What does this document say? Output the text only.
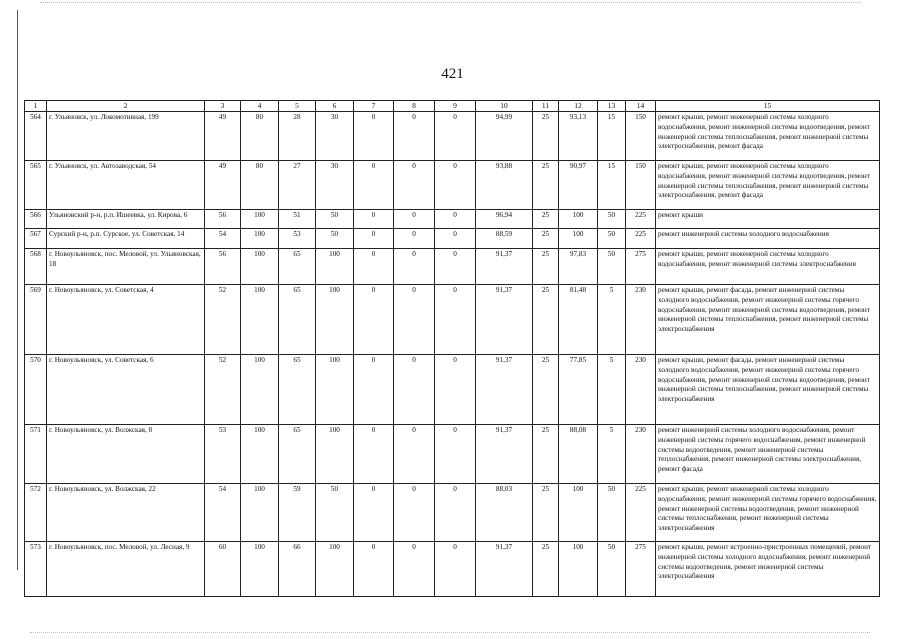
421
1	2	3	4	5	6	7	8	9	10	11	12	13	14	15
564	г. Ульяновск, ул. Локомотивная, 199	49	80	28	30	0	0	0	94,99	25	93,13	15	150	ремонт крыши, ремонт инженерной системы холодного водоснабжения, ремонт инженерной системы водоотведения, ремонт инженерной системы теплоснабжения, ремонт инженерной системы электроснабжения, ремонт фасада
565	г. Ульяновск, ул. Автозаводская, 54	49	80	27	30	0	0	0	93,88	25	90,97	15	150	ремонт крыши, ремонт инженерной системы холодного водоснабжения, ремонт инженерной системы водоотведения, ремонт инженерной системы теплоснабжения, ремонт инженерной системы электроснабжения, ремонт фасада
566	Ульяновский р-н, р.п. Ишеевка, ул. Кирова, 6	56	100	51	50	0	0	0	96,94	25	100	50	225	ремонт крыши
567	Сурский р-н, р.п. Сурское, ул. Советская, 14	54	100	53	50	0	0	0	88,59	25	100	50	225	ремонт инженерной системы холодного водоснабжения
568	г. Новоульяновск, пос. Меловой, ул. Ульяновская, 18	56	100	65	100	0	0	0	91,37	25	97,83	50	275	ремонт крыши, ремонт инженерной системы холодного водоснабжения, ремонт инженерной системы электроснабжения
569	г. Новоульяновск, ул. Советская, 4	52	100	65	100	0	0	0	91,37	25	81,48	5	230	ремонт крыши, ремонт фасада, ремонт инженерной системы холодного водоснабжения, ремонт инженерной системы горячего водоснабжения, ремонт инженерной системы водоотведения, ремонт инженерной системы теплоснабжения, ремонт инженерной системы электроснабжения
570	г. Новоульяновск, ул. Советская, 6	52	100	65	100	0	0	0	91,37	25	77,85	5	230	ремонт крыши, ремонт фасада, ремонт инженерной системы холодного водоснабжения, ремонт инженерной системы горячего водоснабжения, ремонт инженерной системы водоотведения, ремонт инженерной системы теплоснабжения, ремонт инженерной системы электроснабжения
571	г. Новоульяновск, ул. Волжская, 8	53	100	65	100	0	0	0	91,37	25	88,08	5	230	ремонт инженерной системы холодного водоснабжения, ремонт инженерной системы горячего водоснабжения, ремонт инженерной системы водоотведения, ремонт инженерной системы теплоснабжения, ремонт инженерной системы электроснабжения, ремонт фасада
572	г. Новоульяновск, ул. Волжская, 22	54	100	59	50	0	0	0	88,03	25	100	50	225	ремонт крыши, ремонт инженерной системы холодного водоснабжения, ремонт инженерной системы горячего водоснабжения, ремонт инженерной системы водоотведения, ремонт инженерной системы теплоснабжения, ремонт инженерной системы электроснабжения
573	г. Новоульяновск, пос. Меловой, ул. Лесная, 9	60	100	66	100	0	0	0	91,37	25	100	50	275	ремонт крыши, ремонт встроенно-пристроенных помещений, ремонт инженерной системы холодного водоснабжения, ремонт инженерной системы водоотведения, ремонт инженерной системы электроснабжения
